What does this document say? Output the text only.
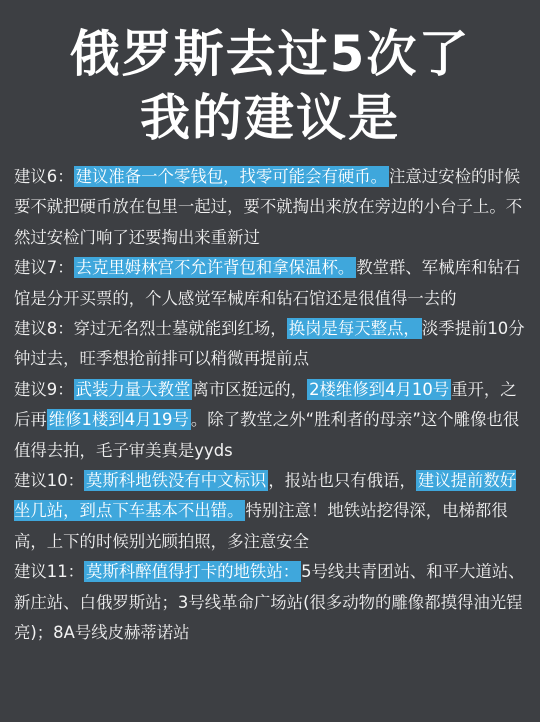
俄罗斯去过5次了
我的建议是

建议6： 建议准备一个零钱包，找零可能会有硬币。 注意过安检的时候要不就把硬币放在包里一起过，要不就掏出来放在旁边的小台子上。不然过安检门响了还要掏出来重新过

建议7： 去克里姆林宫不允许背包和拿保温杯。 教堂群、军械库和钻石馆是分开买票的，个人感觉军械库和钻石馆还是很值得一去的

建议8：穿过无名烈士墓就能到红场， 换岗是每天整点， 淡季提前10分钟过去，旺季想抢前排可以稍微再提前点

建议9： 武装力量大教堂 离市区挺远的， 2楼维修到4月10号 重开，之后再 维修1楼到4月19号 。除了教堂之外“胜利者的母亲”这个雕像也很值得去拍，毛子审美真是yyds

建议10： 莫斯科地铁没有中文标识 ，报站也只有俄语， 建议提前数好坐几站，到点下车基本不出错。 特别注意！地铁站挖得深，电梯都很高，上下的时候别光顾拍照，多注意安全

建议11： 莫斯科醉值得打卡的地铁站： 5号线共青团站、和平大道站、新庄站、白俄罗斯站；3号线革命广场站(很多动物的雕像都摸得油光锃亮)；8A号线皮赫蒂诺站
